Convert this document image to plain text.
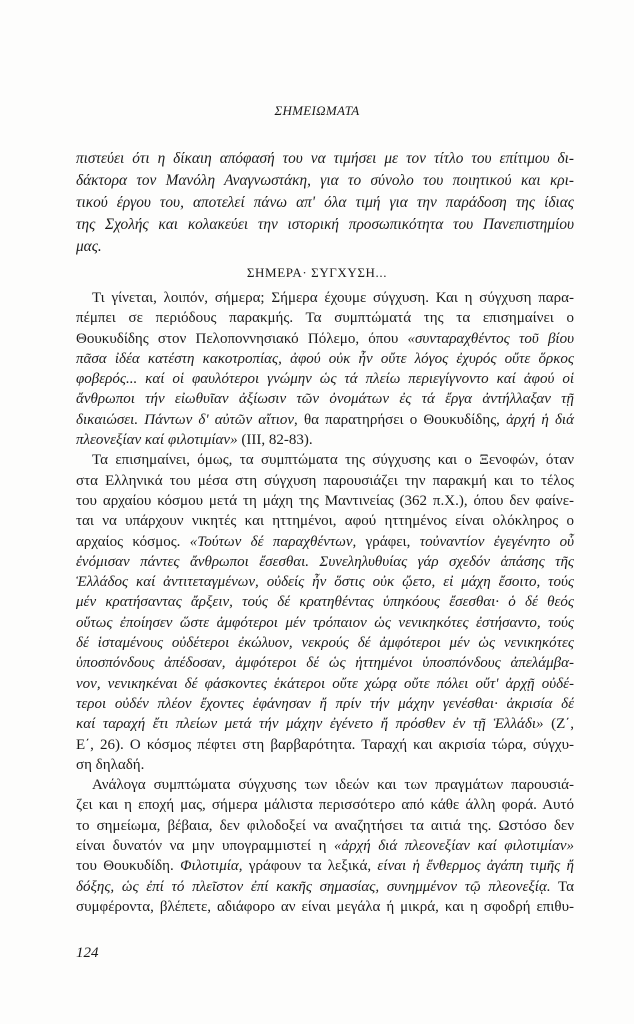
ΣΗΜΕΙΩΜΑΤΑ
πιστεύει ότι η δίκαιη απόφασή του να τιμήσει με τον τίτλο του επίτιμου δι-
δάκτορα τον Μανόλη Αναγνωστάκη, για το σύνολο του ποιητικού και κρι-
τικού έργου του, αποτελεί πάνω απ' όλα τιμή για την παράδοση της ίδιας
της Σχολής και κολακεύει την ιστορική προσωπικότητα του Πανεπιστημίου
μας.
ΣΗΜΕΡΑ· ΣΥΓΧΥΣΗ...
Τι γίνεται, λοιπόν, σήμερα; Σήμερα έχουμε σύγχυση. Και η σύγχυση παρα-
πέμπει σε περιόδους παρακμής. Τα συμπτώματά της τα επισημαίνει ο
Θουκυδίδης στον Πελοποννησιακό Πόλεμο, όπου «συνταραχθέντος τοῦ βίου
πᾶσα ἰδέα κατέστη κακοτροπίας, ἀφού οὐκ ἦν οὔτε λόγος ἐχυρός οὔτε ὅρκος
φοβερός... καί οἱ φαυλότεροι γνώμην ὡς τά πλείω περιεγίγνοντο καί ἀφού οἱ
ἄνθρωποι τήν εἰωθυῖαν ἀξίωσιν τῶν ὀνομάτων ἐς τά ἔργα ἀντήλλαξαν τῇ
δικαιώσει. Πάντων δ' αὐτῶν αἴτιον, θα παρατηρήσει ο Θουκυδίδης, ἀρχή ἡ διά
πλεονεξίαν καί φιλοτιμίαν» (ΙΙΙ, 82-83).
Τα επισημαίνει, όμως, τα συμπτώματα της σύγχυσης και ο Ξενοφών, όταν
στα Ελληνικά του μέσα στη σύγχυση παρουσιάζει την παρακμή και το τέλος
του αρχαίου κόσμου μετά τη μάχη της Μαντινείας (362 π.Χ.), όπου δεν φαίνε-
ται να υπάρχουν νικητές και ηττημένοι, αφού ηττημένος είναι ολόκληρος ο
αρχαίος κόσμος. «Τούτων δέ παραχθέντων, γράφει, τοὐναντίον ἐγεγένητο οὗ
ἐνόμισαν πάντες ἄνθρωποι ἔσεσθαι. Συνεληλυθυίας γάρ σχεδόν ἁπάσης τῆς
Ἑλλάδος καί ἀντιτεταγμένων, οὐδείς ἦν ὅστις οὐκ ᾤετο, εἰ μάχη ἔσοιτο, τούς
μέν κρατήσαντας ἄρξειν, τούς δέ κρατηθέντας ὑπηκόους ἔσεσθαι· ὁ δέ θεός
οὕτως ἐποίησεν ὥστε ἀμφότεροι μέν τρόπαιον ὡς νενικηκότες ἐστήσαντο, τούς
δέ ἱσταμένους οὐδέτεροι ἐκώλυον, νεκρούς δέ ἀμφότεροι μέν ὡς νενικηκότες
ὑποσπόνδους ἀπέδοσαν, ἀμφότεροι δέ ὡς ἡττημένοι ὑποσπόνδους ἀπελάμβα-
νον, νενικηκέναι δέ φάσκοντες ἑκάτεροι οὔτε χώρᾳ οὔτε πόλει οὔτ' ἀρχῇ οὐδέ-
τεροι οὐδέν πλέον ἔχοντες ἐφάνησαν ἤ πρίν τήν μάχην γενέσθαι· ἀκρισία δέ
καί ταραχή ἔτι πλείων μετά τήν μάχην ἐγένετο ἤ πρόσθεν ἐν τῇ Ἑλλάδι» (Ζ΄,
Ε΄, 26). Ο κόσμος πέφτει στη βαρβαρότητα. Ταραχή και ακρισία τώρα, σύγχυ-
ση δηλαδή.
Ανάλογα συμπτώματα σύγχυσης των ιδεών και των πραγμάτων παρουσιά-
ζει και η εποχή μας, σήμερα μάλιστα περισσότερο από κάθε άλλη φορά. Αυτό
το σημείωμα, βέβαια, δεν φιλοδοξεί να αναζητήσει τα αιτιά της. Ωστόσο δεν
είναι δυνατόν να μην υπογραμμιστεί η «ἀρχή διά πλεονεξίαν καί φιλοτιμίαν»
του Θουκυδίδη. Φιλοτιμία, γράφουν τα λεξικά, είναι ἡ ἔνθερμος ἀγάπη τιμῆς ἤ
δόξης, ὡς ἐπί τό πλεῖστον ἐπί κακῆς σημασίας, συνημμένον τῷ πλεονεξίᾳ. Τα
συμφέροντα, βλέπετε, αδιάφορο αν είναι μεγάλα ή μικρά, και η σφοδρή επιθυ-
124
